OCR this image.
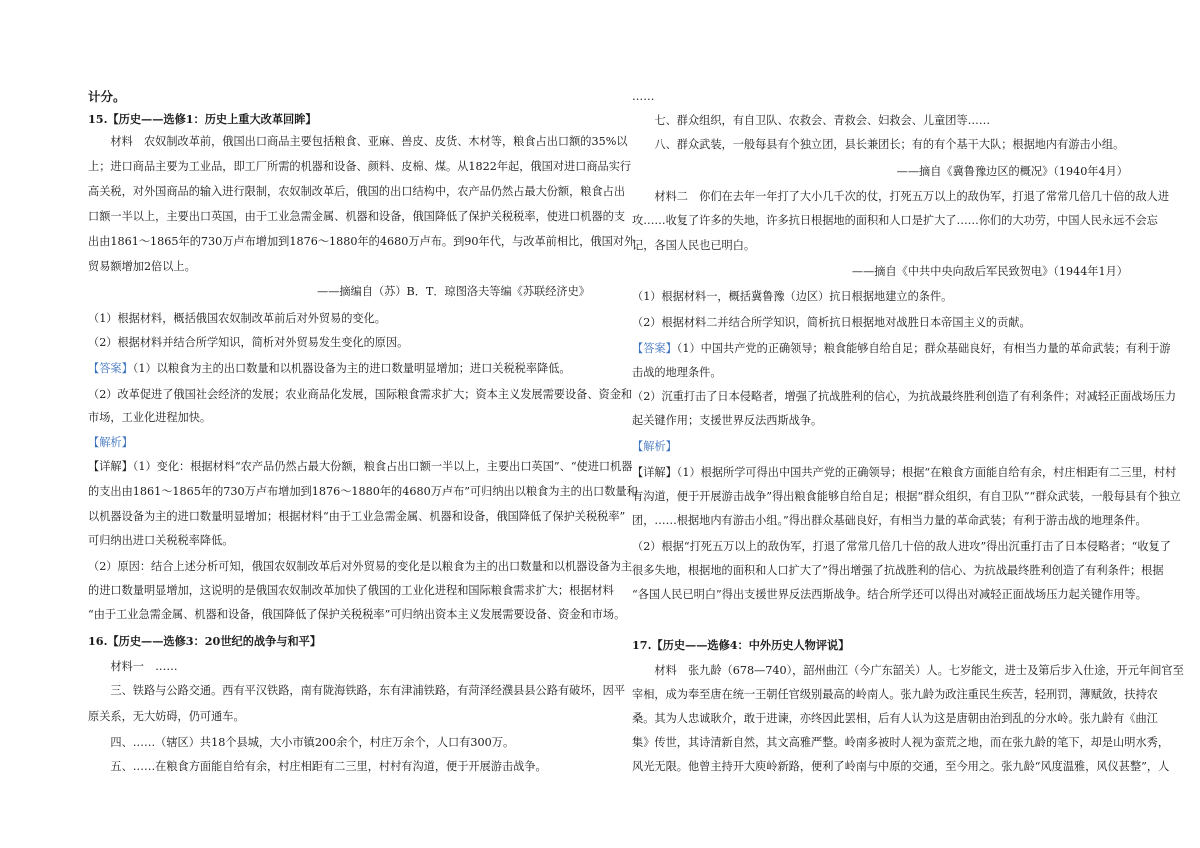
计分。
15.【历史——选修1：历史上重大改革回眸】
材料　农奴制改革前，俄国出口商品主要包括粮食、亚麻、兽皮、皮货、木材等，粮食占出口额的35%以
上；进口商品主要为工业品，即工厂所需的机器和设备、颜料、皮棉、煤。从1822年起，俄国对进口商品实行
高关税，对外国商品的输入进行限制，农奴制改革后，俄国的出口结构中，农产品仍然占最大份额，粮食占出
口额一半以上，主要出口英国，由于工业急需金属、机器和设备，俄国降低了保护关税税率，使进口机器的支
出由1861～1865年的730万卢布增加到1876～1880年的4680万卢布。到90年代，与改革前相比，俄国对外
贸易额增加2倍以上。
——摘编自（苏）B．T．琼图洛夫等编《苏联经济史》
（1）根据材料，概括俄国农奴制改革前后对外贸易的变化。
（2）根据材料并结合所学知识，简析对外贸易发生变化的原因。
【答案】（1）以粮食为主的出口数量和以机器设备为主的进口数量明显增加；进口关税税率降低。
（2）改革促进了俄国社会经济的发展；农业商品化发展，国际粮食需求扩大；资本主义发展需要设备、资金和
市场，工业化进程加快。
【解析】
【详解】（1）变化：根据材料“农产品仍然占最大份额，粮食占出口额一半以上，主要出口英国”、“使进口机器
的支出由1861～1865年的730万卢布增加到1876～1880年的4680万卢布”可归纳出以粮食为主的出口数量和
以机器设备为主的进口数量明显增加；根据材料“由于工业急需金属、机器和设备，俄国降低了保护关税税率”
可归纳出进口关税税率降低。
（2）原因：结合上述分析可知，俄国农奴制改革后对外贸易的变化是以粮食为主的出口数量和以机器设备为主
的进口数量明显增加，这说明的是俄国农奴制改革加快了俄国的工业化进程和国际粮食需求扩大；根据材料
“由于工业急需金属、机器和设备，俄国降低了保护关税税率”可归纳出资本主义发展需要设备、资金和市场。
16.【历史——选修3：20世纪的战争与和平】
材料一　……
三、铁路与公路交通。西有平汉铁路，南有陇海铁路，东有津浦铁路，有菏泽经濮县县公路有破坏，因平
原关系，无大妨碍，仍可通车。
四、……（辖区）共18个县城，大小市镇200余个，村庄万余个，人口有300万。
五、……在粮食方面能自给有余，村庄相距有二三里，村村有沟道，便于开展游击战争。
……
七、群众组织，有自卫队、农救会、青救会、妇救会、儿童团等……
八、群众武装，一般每县有个独立团，县长兼团长；有的有个基干大队；根据地内有游击小组。
——摘自《冀鲁豫边区的概况》（1940年4月）
材料二　你们在去年一年打了大小几千次的仗，打死五万以上的敌伪军，打退了常常几倍几十倍的敌人进
攻……收复了许多的失地，许多抗日根据地的面积和人口是扩大了……你们的大功劳，中国人民永远不会忘
记，各国人民也已明白。
——摘自《中共中央向敌后军民致贺电》（1944年1月）
（1）根据材料一，概括冀鲁豫（边区）抗日根据地建立的条件。
（2）根据材料二并结合所学知识，简析抗日根据地对战胜日本帝国主义的贡献。
【答案】（1）中国共产党的正确领导；粮食能够自给自足；群众基础良好，有相当力量的革命武装；有利于游
击战的地理条件。
（2）沉重打击了日本侵略者，增强了抗战胜利的信心，为抗战最终胜利创造了有利条件；对减轻正面战场压力
起关键作用；支援世界反法西斯战争。
【解析】
【详解】（1）根据所学可得出中国共产党的正确领导；根据“在粮食方面能自给有余，村庄相距有二三里，村村
有沟道，便于开展游击战争”得出粮食能够自给自足；根据“群众组织，有自卫队”“群众武装，一般每县有个独立
团，……根据地内有游击小组。”得出群众基础良好，有相当力量的革命武装；有利于游击战的地理条件。
（2）根据“打死五万以上的敌伪军，打退了常常几倍几十倍的敌人进攻”得出沉重打击了日本侵略者；“收复了
很多失地，根据地的面积和人口扩大了”得出增强了抗战胜利的信心、为抗战最终胜利创造了有利条件；根据
“各国人民已明白”得出支援世界反法西斯战争。结合所学还可以得出对减轻正面战场压力起关键作用等。
17.【历史——选修4：中外历史人物评说】
材料　张九龄（678—740），韶州曲江（今广东韶关）人。七岁能文，进士及第后步入仕途，开元年间官至
宰相，成为奉至唐在统一王朝任官级别最高的岭南人。张九龄为政注重民生疾苦，轻刑罚，薄赋敛，扶持农
桑。其为人忠诚耿介，敢于进谏，亦终因此罢相，后有人认为这是唐朝由治到乱的分水岭。张九龄有《曲江
集》传世，其诗清新自然，其文高雅严整。岭南多被时人视为蛮荒之地，而在张九龄的笔下，却是山明水秀，
风光无限。他曾主持开大庾岭新路，便利了岭南与中原的交通，至今用之。张九龄“风度温雅，风仪甚整”，人
